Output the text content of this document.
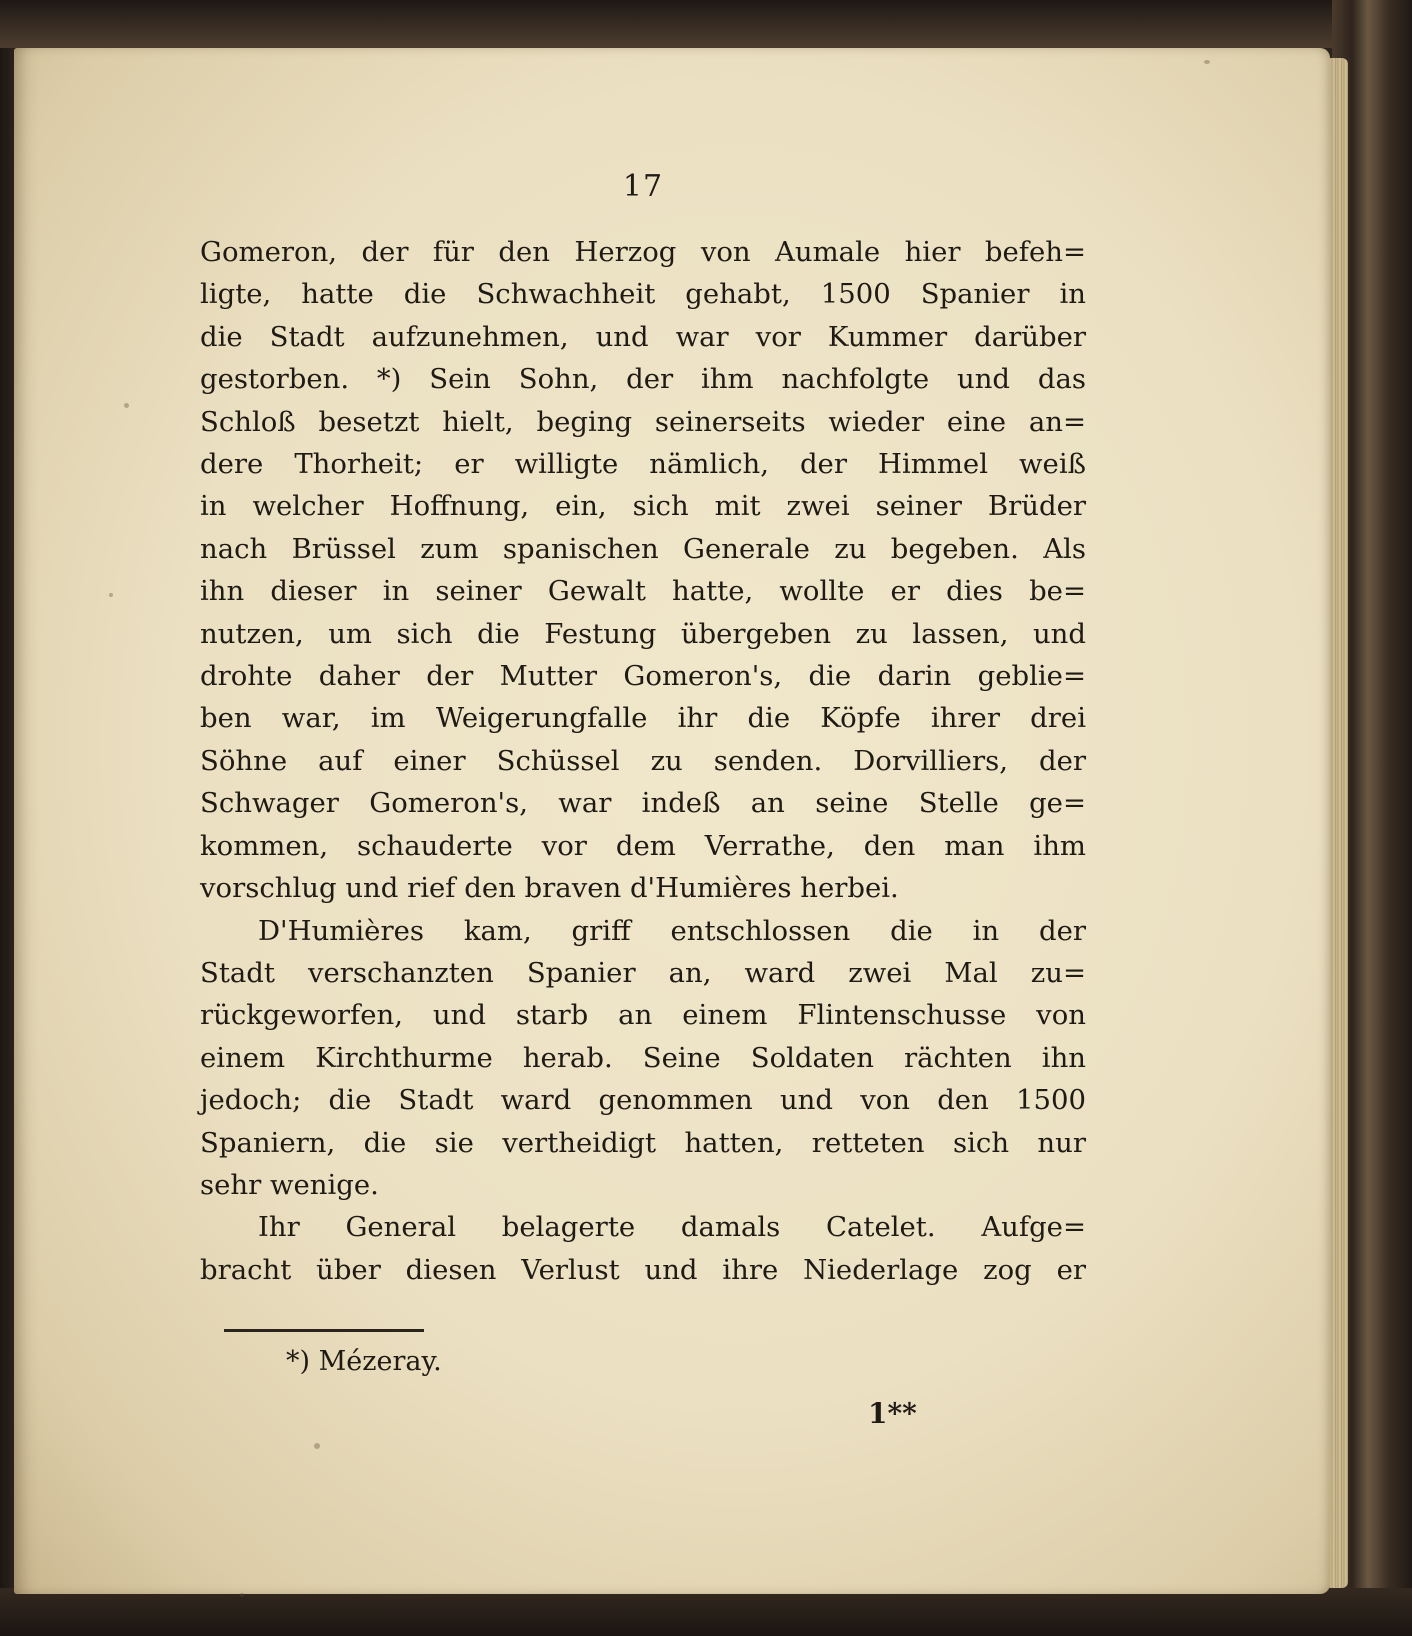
17
Gomeron, der für den Herzog von Aumale hier befeh=
ligte, hatte die Schwachheit gehabt, 1500 Spanier in
die Stadt aufzunehmen, und war vor Kummer darüber
gestorben. *) Sein Sohn, der ihm nachfolgte und das
Schloß besetzt hielt, beging seinerseits wieder eine an=
dere Thorheit; er willigte nämlich, der Himmel weiß
in welcher Hoffnung, ein, sich mit zwei seiner Brüder
nach Brüssel zum spanischen Generale zu begeben. Als
ihn dieser in seiner Gewalt hatte, wollte er dies be=
nutzen, um sich die Festung übergeben zu lassen, und
drohte daher der Mutter Gomeron's, die darin geblie=
ben war, im Weigerungfalle ihr die Köpfe ihrer drei
Söhne auf einer Schüssel zu senden. Dorvilliers, der
Schwager Gomeron's, war indeß an seine Stelle ge=
kommen, schauderte vor dem Verrathe, den man ihm
vorschlug und rief den braven d'Humières herbei.
D'Humières kam, griff entschlossen die in der
Stadt verschanzten Spanier an, ward zwei Mal zu=
rückgeworfen, und starb an einem Flintenschusse von
einem Kirchthurme herab. Seine Soldaten rächten ihn
jedoch; die Stadt ward genommen und von den 1500
Spaniern, die sie vertheidigt hatten, retteten sich nur
sehr wenige.
Ihr General belagerte damals Catelet. Aufge=
bracht über diesen Verlust und ihre Niederlage zog er
*) Mézeray.
1**
